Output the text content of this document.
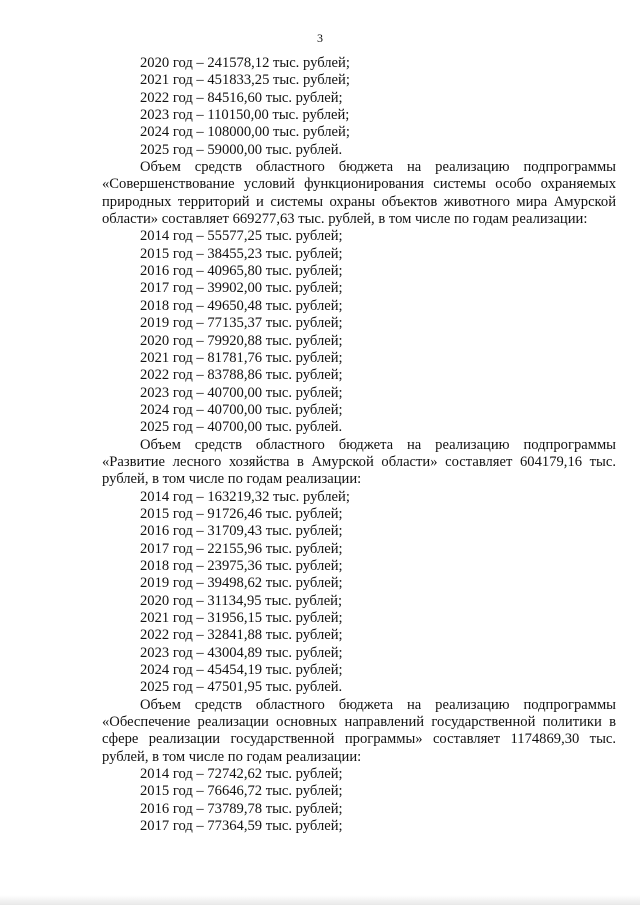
3

2020 год – 241578,12 тыс. рублей;

2021 год – 451833,25 тыс. рублей;

2022 год – 84516,60 тыс. рублей;

2023 год – 110150,00 тыс. рублей;

2024 год – 108000,00 тыс. рублей;

2025 год – 59000,00 тыс. рублей.

Объем средств областного бюджета на реализацию подпрограммы «Совершенствование условий функционирования системы особо охраняемых природных территорий и системы охраны объектов животного мира Амурской области» составляет 669277,63 тыс. рублей, в том числе по годам реализации:

2014 год – 55577,25 тыс. рублей;

2015 год – 38455,23 тыс. рублей;

2016 год – 40965,80 тыс. рублей;

2017 год – 39902,00 тыс. рублей;

2018 год – 49650,48 тыс. рублей;

2019 год – 77135,37 тыс. рублей;

2020 год – 79920,88 тыс. рублей;

2021 год – 81781,76 тыс. рублей;

2022 год – 83788,86 тыс. рублей;

2023 год – 40700,00 тыс. рублей;

2024 год – 40700,00 тыс. рублей;

2025 год – 40700,00 тыс. рублей.

Объем средств областного бюджета на реализацию подпрограммы «Развитие лесного хозяйства в Амурской области» составляет 604179,16 тыс. рублей, в том числе по годам реализации:

2014 год – 163219,32 тыс. рублей;

2015 год – 91726,46 тыс. рублей;

2016 год – 31709,43 тыс. рублей;

2017 год – 22155,96 тыс. рублей;

2018 год – 23975,36 тыс. рублей;

2019 год – 39498,62 тыс. рублей;

2020 год – 31134,95 тыс. рублей;

2021 год – 31956,15 тыс. рублей;

2022 год – 32841,88 тыс. рублей;

2023 год – 43004,89 тыс. рублей;

2024 год – 45454,19 тыс. рублей;

2025 год – 47501,95 тыс. рублей.

Объем средств областного бюджета на реализацию подпрограммы «Обеспечение реализации основных направлений государственной политики в сфере реализации государственной программы» составляет 1174869,30 тыс. рублей, в том числе по годам реализации:

2014 год – 72742,62 тыс. рублей;

2015 год – 76646,72 тыс. рублей;

2016 год – 73789,78 тыс. рублей;

2017 год – 77364,59 тыс. рублей;
